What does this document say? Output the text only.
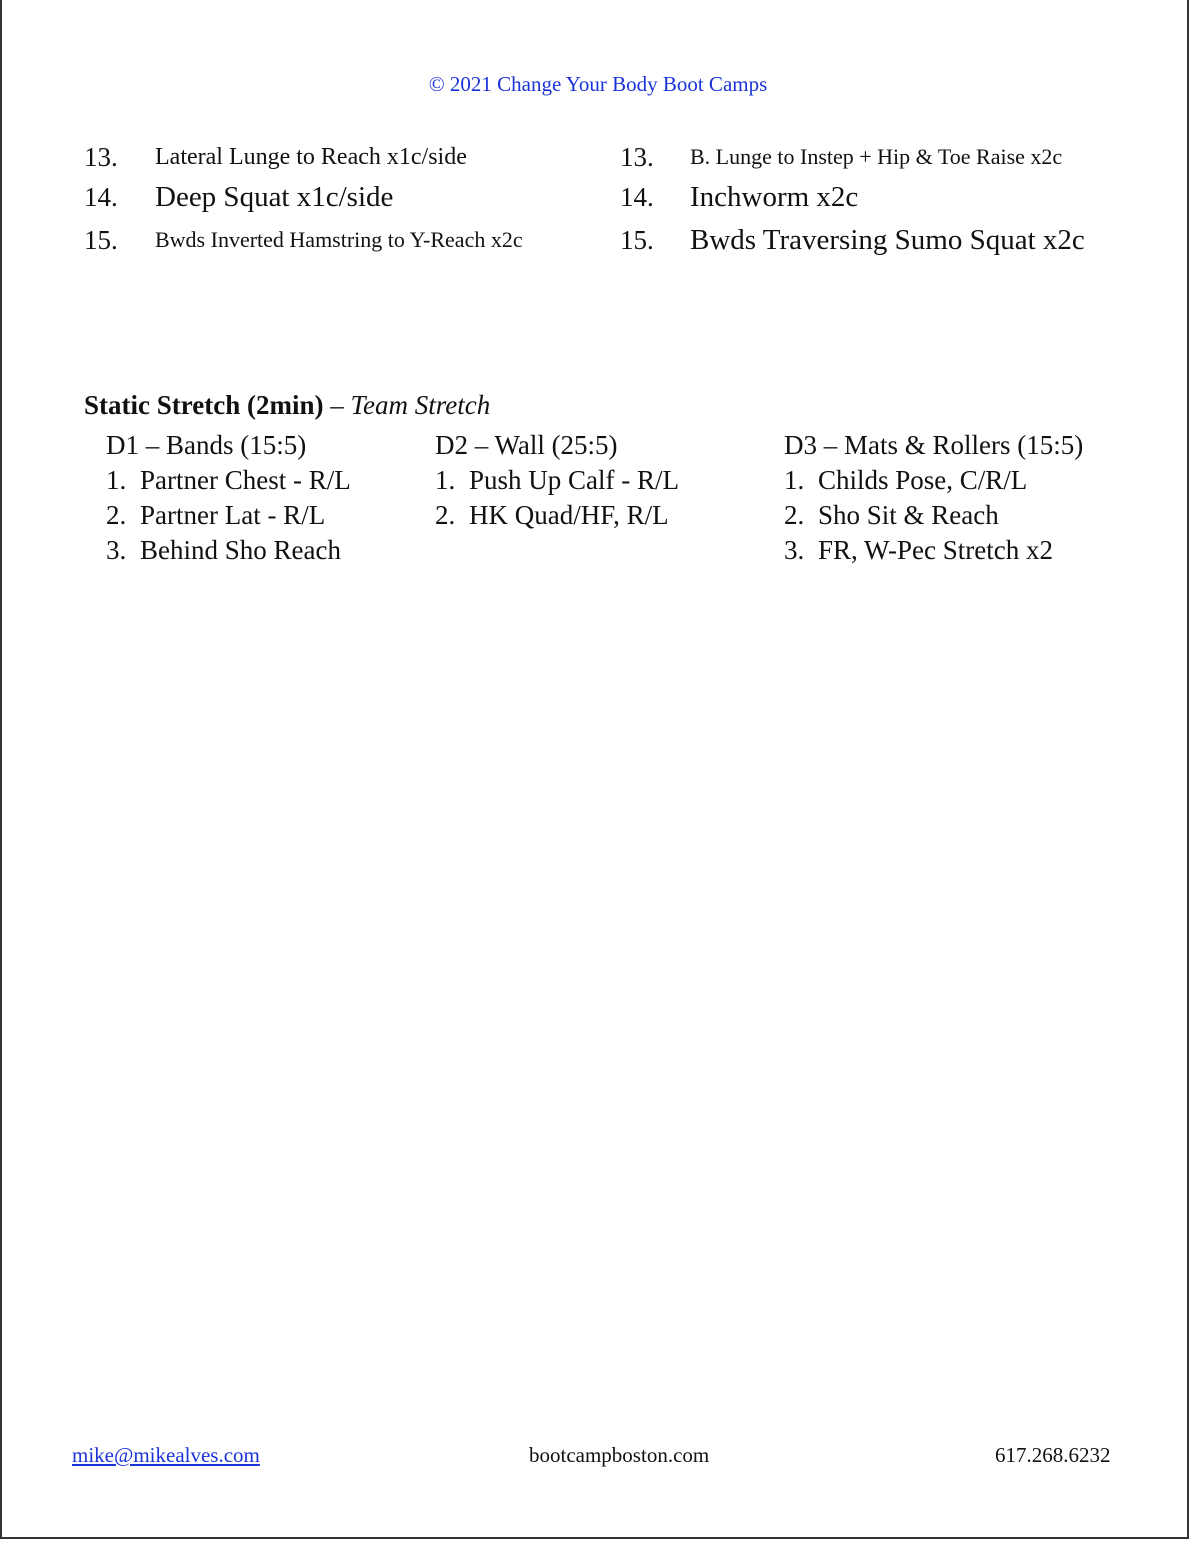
© 2021 Change Your Body Boot Camps
13. Lateral Lunge to Reach x1c/side
14. Deep Squat x1c/side
15. Bwds Inverted Hamstring to Y-Reach x2c
13. B. Lunge to Instep + Hip & Toe Raise x2c
14. Inchworm x2c
15. Bwds Traversing Sumo Squat x2c
Static Stretch (2min) – Team Stretch
D1 – Bands (15:5)
1. Partner Chest - R/L
2. Partner Lat - R/L
3. Behind Sho Reach
D2 – Wall (25:5)
1. Push Up Calf - R/L
2. HK Quad/HF, R/L
D3 – Mats & Rollers (15:5)
1. Childs Pose, C/R/L
2. Sho Sit & Reach
3. FR, W-Pec Stretch x2
mike@mikealves.com	bootcampboston.com	617.268.6232
